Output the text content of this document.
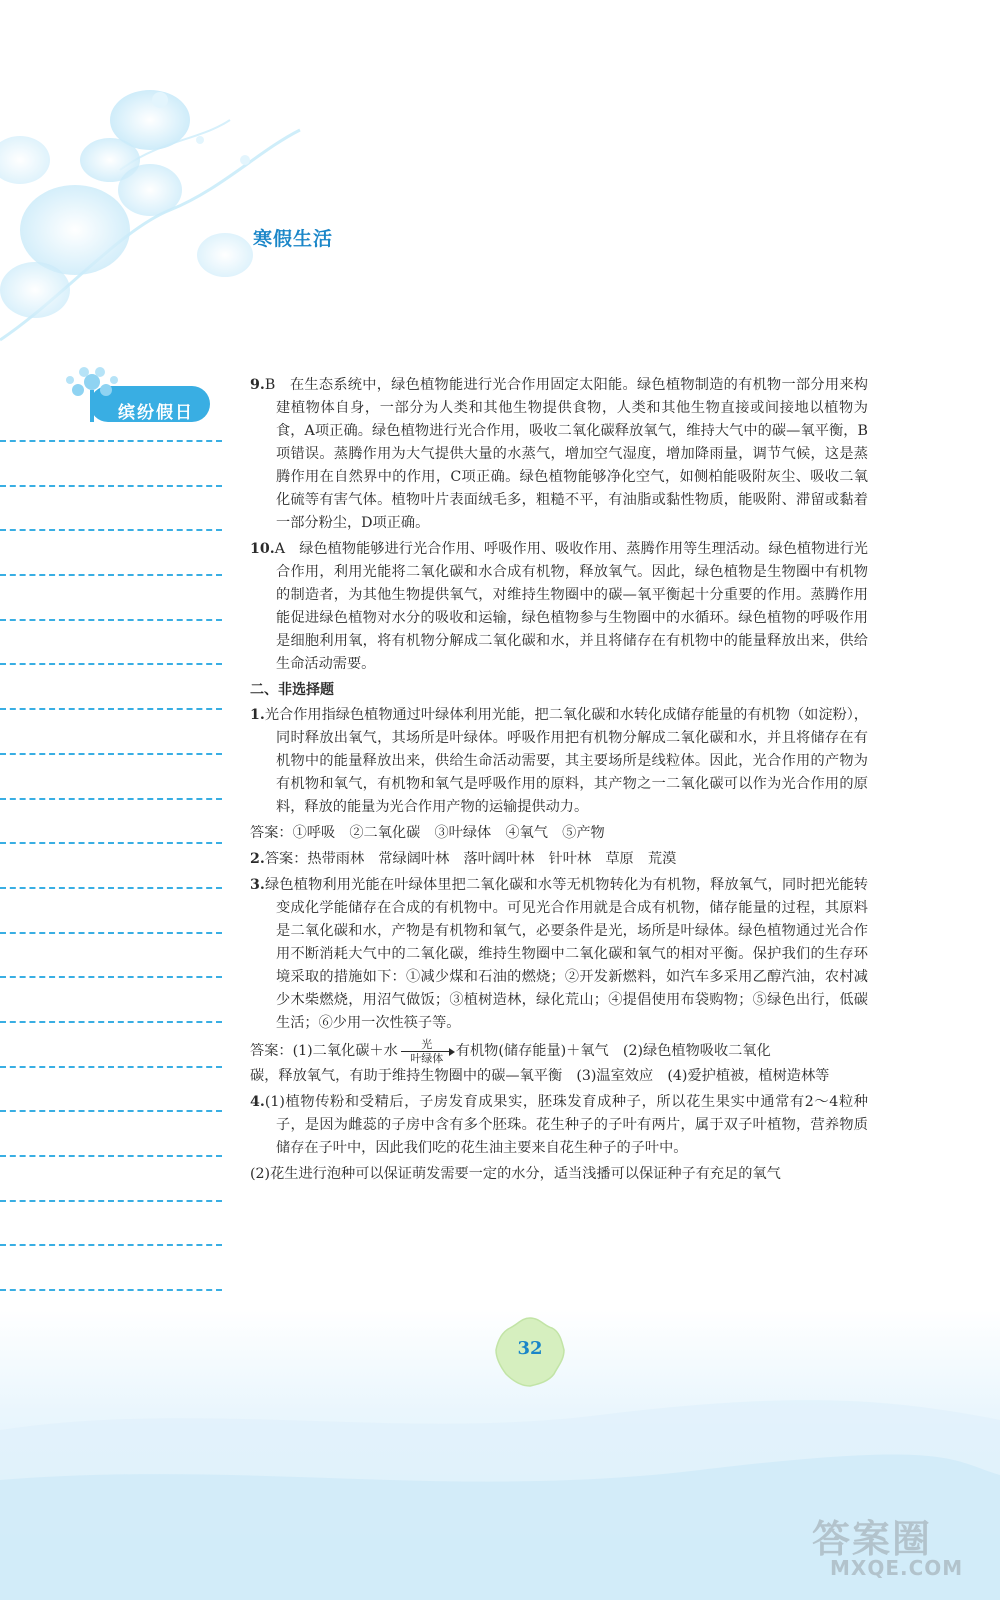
寒假生活
缤纷假日
9.B　在生态系统中，绿色植物能进行光合作用固定太阳能。绿色植物制造的有机物一部分用来构建植物体自身，一部分为人类和其他生物提供食物，人类和其他生物直接或间接地以植物为食，A项正确。绿色植物进行光合作用，吸收二氧化碳释放氧气，维持大气中的碳—氧平衡，B项错误。蒸腾作用为大气提供大量的水蒸气，增加空气湿度，增加降雨量，调节气候，这是蒸腾作用在自然界中的作用，C项正确。绿色植物能够净化空气，如侧柏能吸附灰尘、吸收二氧化硫等有害气体。植物叶片表面绒毛多，粗糙不平，有油脂或黏性物质，能吸附、滞留或黏着一部分粉尘，D项正确。
10.A　绿色植物能够进行光合作用、呼吸作用、吸收作用、蒸腾作用等生理活动。绿色植物进行光合作用，利用光能将二氧化碳和水合成有机物，释放氧气。因此，绿色植物是生物圈中有机物的制造者，为其他生物提供氧气，对维持生物圈中的碳—氧平衡起十分重要的作用。蒸腾作用能促进绿色植物对水分的吸收和运输，绿色植物参与生物圈中的水循环。绿色植物的呼吸作用是细胞利用氧，将有机物分解成二氧化碳和水，并且将储存在有机物中的能量释放出来，供给生命活动需要。
二、非选择题
1.光合作用指绿色植物通过叶绿体利用光能，把二氧化碳和水转化成储存能量的有机物（如淀粉），同时释放出氧气，其场所是叶绿体。呼吸作用把有机物分解成二氧化碳和水，并且将储存在有机物中的能量释放出来，供给生命活动需要，其主要场所是线粒体。因此，光合作用的产物为有机物和氧气，有机物和氧气是呼吸作用的原料，其产物之一二氧化碳可以作为光合作用的原料，释放的能量为光合作用产物的运输提供动力。
答案：①呼吸　②二氧化碳　③叶绿体　④氧气　⑤产物
2.答案：热带雨林　常绿阔叶林　落叶阔叶林　针叶林　草原　荒漠
3.绿色植物利用光能在叶绿体里把二氧化碳和水等无机物转化为有机物，释放氧气，同时把光能转变成化学能储存在合成的有机物中。可见光合作用就是合成有机物，储存能量的过程，其原料是二氧化碳和水，产物是有机物和氧气，必要条件是光，场所是叶绿体。绿色植物通过光合作用不断消耗大气中的二氧化碳，维持生物圈中二氧化碳和氧气的相对平衡。保护我们的生存环境采取的措施如下：①减少煤和石油的燃烧；②开发新燃料，如汽车多采用乙醇汽油，农村减少木柴燃烧，用沼气做饭；③植树造林，绿化荒山；④提倡使用布袋购物；⑤绿色出行，低碳生活；⑥少用一次性筷子等。
答案：(1)二氧化碳＋水 光
叶绿体 有机物(储存能量)＋氧气　(2)绿色植物吸收二氧化
碳，释放氧气，有助于维持生物圈中的碳—氧平衡　(3)温室效应　(4)爱护植被，植树造林等
4.(1)植物传粉和受精后，子房发育成果实，胚珠发育成种子，所以花生果实中通常有2～4粒种子，是因为雌蕊的子房中含有多个胚珠。花生种子的子叶有两片，属于双子叶植物，营养物质储存在子叶中，因此我们吃的花生油主要来自花生种子的子叶中。
(2)花生进行泡种可以保证萌发需要一定的水分，适当浅播可以保证种子有充足的氧气
32
答案圈
MXQE.COM
